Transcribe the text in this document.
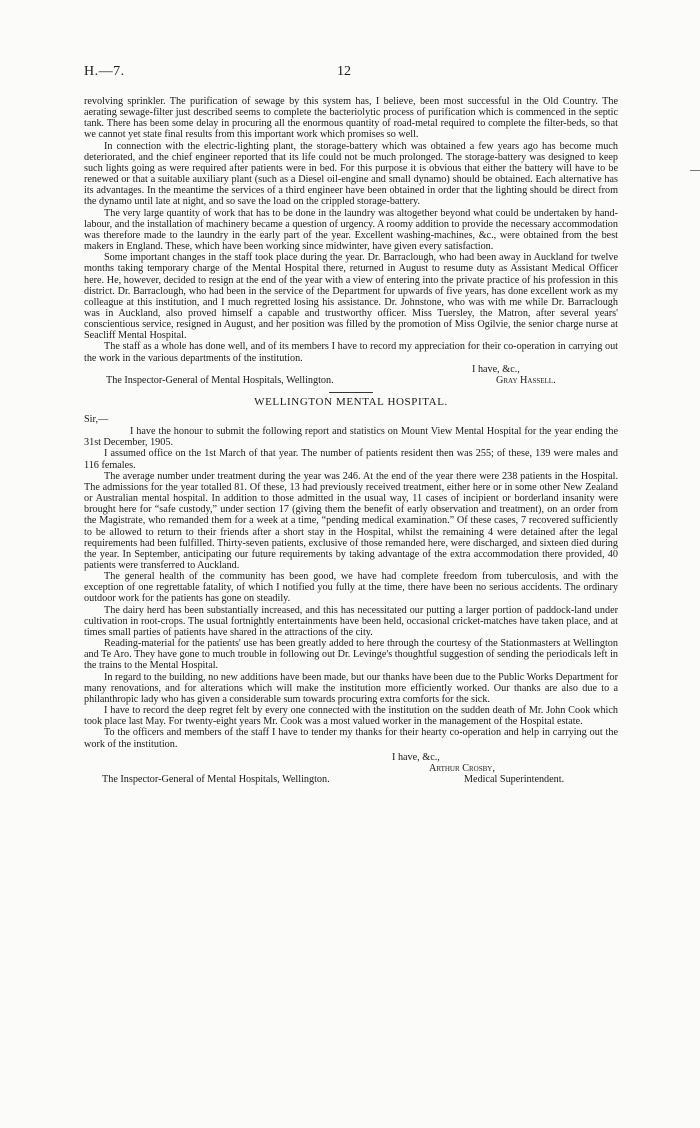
H.—7.	12

revolving sprinkler. The purification of sewage by this system has, I believe, been most successful in the Old Country. The aerating sewage-filter just described seems to complete the bacteriolytic process of purification which is commenced in the septic tank. There has been some delay in procuring all the enormous quantity of road-metal required to complete the filter-beds, so that we cannot yet state final results from this important work which promises so well.

In connection with the electric-lighting plant, the storage-battery which was obtained a few years ago has become much deteriorated, and the chief engineer reported that its life could not be much prolonged. The storage-battery was designed to keep such lights going as were required after patients were in bed. For this purpose it is obvious that either the battery will have to be renewed or that a suitable auxiliary plant (such as a Diesel oil-engine and small dynamo) should be obtained. Each alternative has its advantages. In the meantime the services of a third engineer have been obtained in order that the lighting should be direct from the dynamo until late at night, and so save the load on the crippled storage-battery.

The very large quantity of work that has to be done in the laundry was altogether beyond what could be undertaken by hand-labour, and the installation of machinery became a question of urgency. A roomy addition to provide the necessary accommodation was therefore made to the laundry in the early part of the year. Excellent washing-machines, &c., were obtained from the best makers in England. These, which have been working since midwinter, have given every satisfaction.

Some important changes in the staff took place during the year. Dr. Barraclough, who had been away in Auckland for twelve months taking temporary charge of the Mental Hospital there, returned in August to resume duty as Assistant Medical Officer here. He, however, decided to resign at the end of the year with a view of entering into the private practice of his profession in this district. Dr. Barraclough, who had been in the service of the Department for upwards of five years, has done excellent work as my colleague at this institution, and I much regretted losing his assistance. Dr. Johnstone, who was with me while Dr. Barraclough was in Auckland, also proved himself a capable and trustworthy officer. Miss Tuersley, the Matron, after several years' conscientious service, resigned in August, and her position was filled by the promotion of Miss Ogilvie, the senior charge nurse at Seacliff Mental Hospital.

The staff as a whole has done well, and of its members I have to record my appreciation for their co-operation in carrying out the work in the various departments of the institution.

I have, &c.,
The Inspector-General of Mental Hospitals, Wellington.	Gray Hassell.
WELLINGTON MENTAL HOSPITAL.
Sir,—

I have the honour to submit the following report and statistics on Mount View Mental Hospital for the year ending the 31st December, 1905.

I assumed office on the 1st March of that year. The number of patients resident then was 255; of these, 139 were males and 116 females.

The average number under treatment during the year was 246. At the end of the year there were 238 patients in the Hospital. The admissions for the year totalled 81. Of these, 13 had previously received treatment, either here or in some other New Zealand or Australian mental hospital. In addition to those admitted in the usual way, 11 cases of incipient or borderland insanity were brought here for “safe custody,” under section 17 (giving them the benefit of early observation and treatment), on an order from the Magistrate, who remanded them for a week at a time, “pending medical examination.” Of these cases, 7 recovered sufficiently to be allowed to return to their friends after a short stay in the Hospital, whilst the remaining 4 were detained after the legal requirements had been fulfilled. Thirty-seven patients, exclusive of those remanded here, were discharged, and sixteen died during the year. In September, anticipating our future requirements by taking advantage of the extra accommodation there provided, 40 patients were transferred to Auckland.

The general health of the community has been good, we have had complete freedom from tuberculosis, and with the exception of one regrettable fatality, of which I notified you fully at the time, there have been no serious accidents. The ordinary outdoor work for the patients has gone on steadily.

The dairy herd has been substantially increased, and this has necessitated our putting a larger portion of paddock-land under cultivation in root-crops. The usual fortnightly entertainments have been held, occasional cricket-matches have taken place, and at times small parties of patients have shared in the attractions of the city.

Reading-material for the patients' use has been greatly added to here through the courtesy of the Stationmasters at Wellington and Te Aro. They have gone to much trouble in following out Dr. Levinge's thoughtful suggestion of sending the periodicals left in the trains to the Mental Hospital.

In regard to the building, no new additions have been made, but our thanks have been due to the Public Works Department for many renovations, and for alterations which will make the institution more efficiently worked. Our thanks are also due to a philanthropic lady who has given a considerable sum towards procuring extra comforts for the sick.

I have to record the deep regret felt by every one connected with the institution on the sudden death of Mr. John Cook which took place last May. For twenty-eight years Mr. Cook was a most valued worker in the management of the Hospital estate.

To the officers and members of the staff I have to tender my thanks for their hearty co-operation and help in carrying out the work of the institution.

I have, &c.,
Arthur Crosby,
The Inspector-General of Mental Hospitals, Wellington.	Medical Superintendent.
